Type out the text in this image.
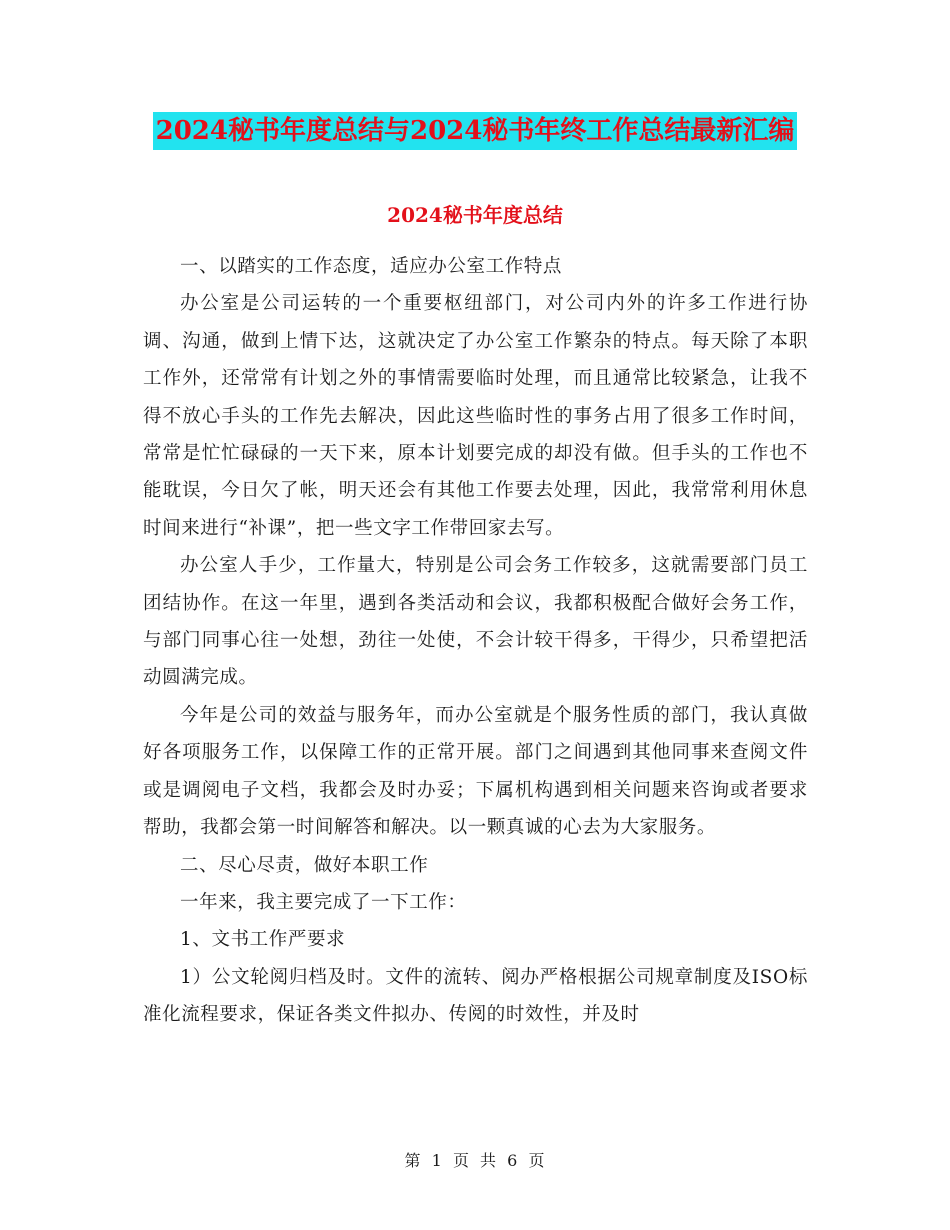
2024秘书年度总结与2024秘书年终工作总结最新汇编
2024秘书年度总结

一、以踏实的工作态度，适应办公室工作特点

办公室是公司运转的一个重要枢纽部门，对公司内外的许多工作进行协调、沟通，做到上情下达，这就决定了办公室工作繁杂的特点。每天除了本职工作外，还常常有计划之外的事情需要临时处理，而且通常比较紧急，让我不得不放心手头的工作先去解决，因此这些临时性的事务占用了很多工作时间，常常是忙忙碌碌的一天下来，原本计划要完成的却没有做。但手头的工作也不能耽误，今日欠了帐，明天还会有其他工作要去处理，因此，我常常利用休息时间来进行“补课”，把一些文字工作带回家去写。

办公室人手少，工作量大，特别是公司会务工作较多，这就需要部门员工团结协作。在这一年里，遇到各类活动和会议，我都积极配合做好会务工作，与部门同事心往一处想，劲往一处使，不会计较干得多，干得少，只希望把活动圆满完成。

今年是公司的效益与服务年，而办公室就是个服务性质的部门，我认真做好各项服务工作，以保障工作的正常开展。部门之间遇到其他同事来查阅文件或是调阅电子文档，我都会及时办妥；下属机构遇到相关问题来咨询或者要求帮助，我都会第一时间解答和解决。以一颗真诚的心去为大家服务。

二、尽心尽责，做好本职工作

一年来，我主要完成了一下工作：

1、文书工作严要求

1）公文轮阅归档及时。文件的流转、阅办严格根据公司规章制度及ISO标准化流程要求，保证各类文件拟办、传阅的时效性，并及时

第 1 页 共 6 页
